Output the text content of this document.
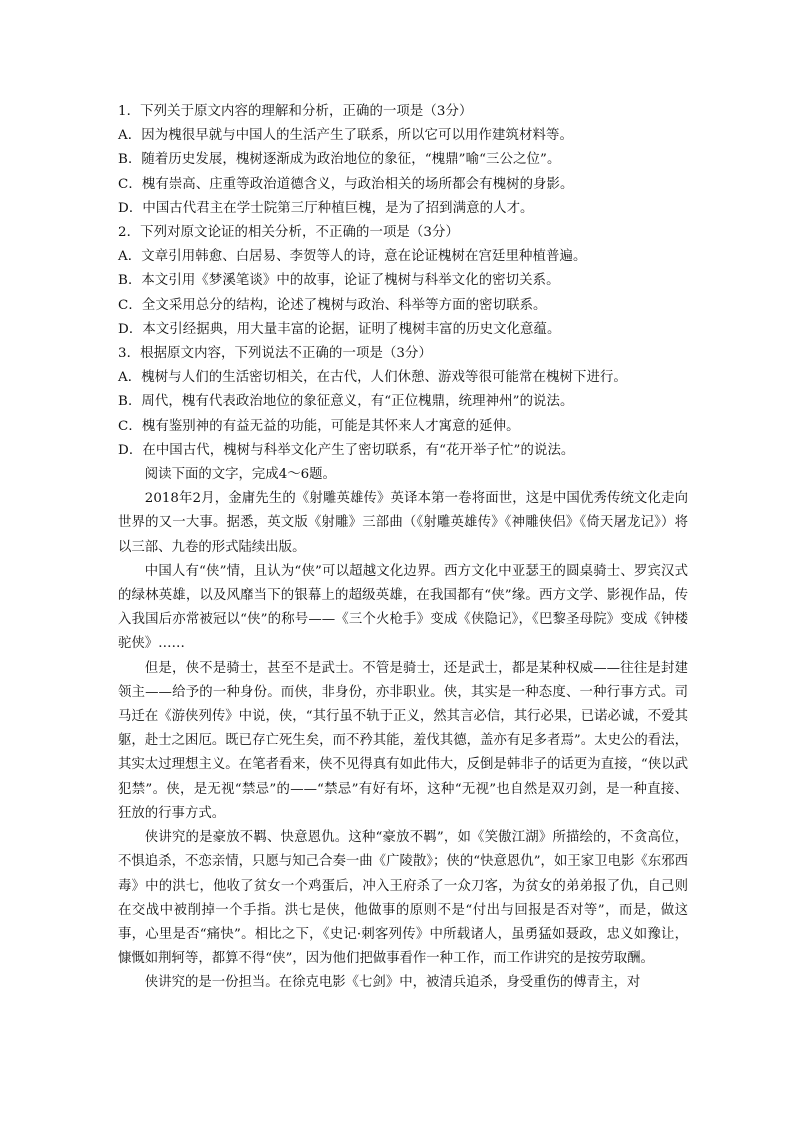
1．下列关于原文内容的理解和分析，正确的一项是（3分）
A．因为槐很早就与中国人的生活产生了联系，所以它可以用作建筑材料等。
B．随着历史发展，槐树逐渐成为政治地位的象征，“槐鼎”喻“三公之位”。
C．槐有崇高、庄重等政治道德含义，与政治相关的场所都会有槐树的身影。
D．中国古代君主在学士院第三厅种植巨槐，是为了招到满意的人才。
2．下列对原文论证的相关分析，不正确的一项是（3分）
A．文章引用韩愈、白居易、李贺等人的诗，意在论证槐树在宫廷里种植普遍。
B．本文引用《梦溪笔谈》中的故事，论证了槐树与科举文化的密切关系。
C．全文采用总分的结构，论述了槐树与政治、科举等方面的密切联系。
D．本文引经据典，用大量丰富的论据，证明了槐树丰富的历史文化意蕴。
3．根据原文内容，下列说法不正确的一项是（3分）
A．槐树与人们的生活密切相关，在古代，人们休憩、游戏等很可能常在槐树下进行。
B．周代，槐有代表政治地位的象征意义，有“正位槐鼎，统理神州”的说法。
C．槐有鉴别神的有益无益的功能，可能是其怀来人才寓意的延伸。
D．在中国古代，槐树与科举文化产生了密切联系，有“花开举子忙”的说法。

阅读下面的文字，完成4～6题。

2018年2月，金庸先生的《射雕英雄传》英译本第一卷将面世，这是中国优秀传统文化走向世界的又一大事。据悉，英文版《射雕》三部曲（《射雕英雄传》《神雕侠侣》《倚天屠龙记》）将以三部、九卷的形式陆续出版。

中国人有“侠”情，且认为“侠”可以超越文化边界。西方文化中亚瑟王的圆桌骑士、罗宾汉式的绿林英雄，以及风靡当下的银幕上的超级英雄，在我国都有“侠”缘。西方文学、影视作品，传入我国后亦常被冠以“侠”的称号——《三个火枪手》变成《侠隐记》，《巴黎圣母院》变成《钟楼驼侠》……

但是，侠不是骑士，甚至不是武士。不管是骑士，还是武士，都是某种权威——往往是封建领主——给予的一种身份。而侠，非身份，亦非职业。侠，其实是一种态度、一种行事方式。司马迁在《游侠列传》中说，侠，“其行虽不轨于正义，然其言必信，其行必果，已诺必诚，不爱其躯，赴士之困厄。既已存亡死生矣，而不矜其能，羞伐其德，盖亦有足多者焉”。太史公的看法，其实太过理想主义。在笔者看来，侠不见得真有如此伟大，反倒是韩非子的话更为直接，“侠以武犯禁”。侠，是无视“禁忌”的——“禁忌”有好有坏，这种“无视”也自然是双刃剑，是一种直接、狂放的行事方式。

侠讲究的是豪放不羁、快意恩仇。这种“豪放不羁”，如《笑傲江湖》所描绘的，不贪高位，不惧追杀，不恋亲情，只愿与知己合奏一曲《广陵散》；侠的“快意恩仇”，如王家卫电影《东邪西毒》中的洪七，他收了贫女一个鸡蛋后，冲入王府杀了一众刀客，为贫女的弟弟报了仇，自己则在交战中被削掉一个手指。洪七是侠，他做事的原则不是“付出与回报是否对等”，而是，做这事，心里是否“痛快”。相比之下，《史记·刺客列传》中所载诸人，虽勇猛如聂政，忠义如豫让，慷慨如荆轲等，都算不得“侠”，因为他们把做事看作一种工作，而工作讲究的是按劳取酬。

侠讲究的是一份担当。在徐克电影《七剑》中，被清兵追杀，身受重伤的傅青主，对
